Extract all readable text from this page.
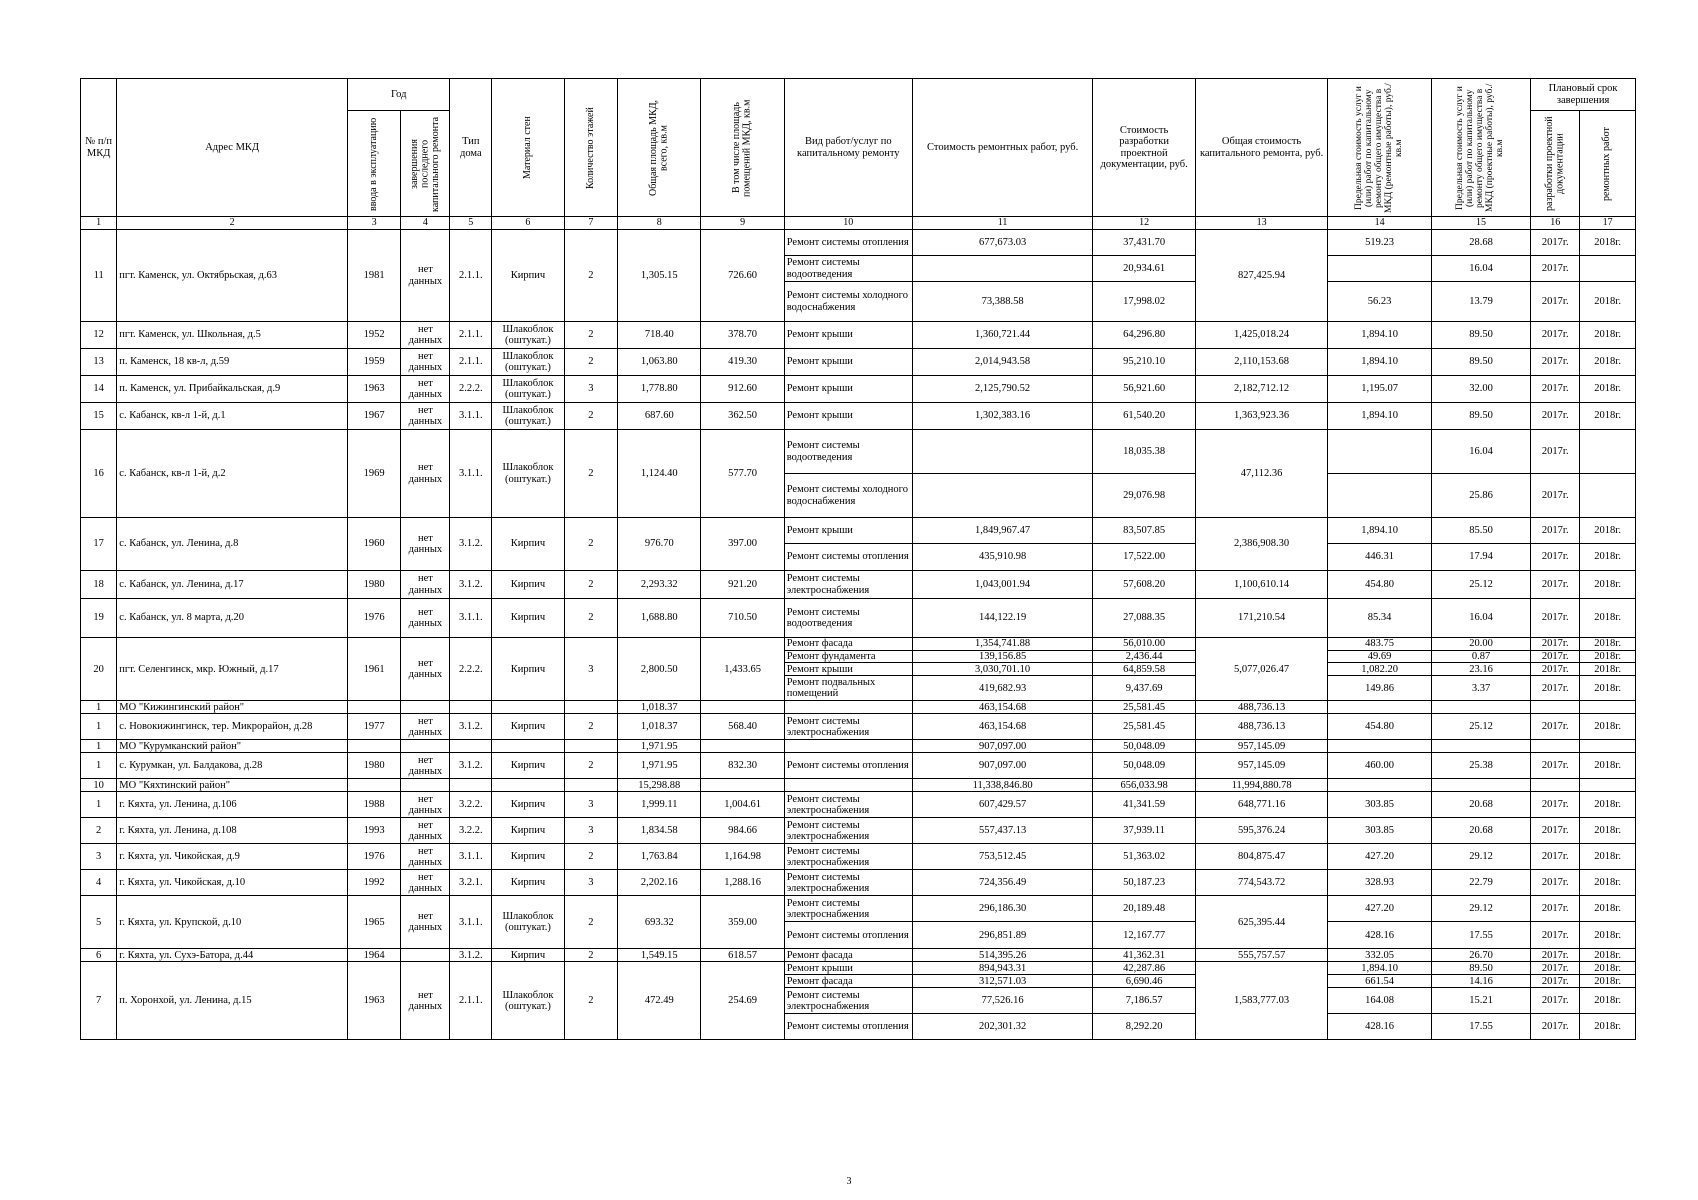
№ п/п МКД	Адрес МКД	Год		Тип дома	Материал стен	Количество этажей	Общая площадь МКД, всего, кв.м	В том числе площадь помещений МКД, кв.м	Вид работ/услуг по капитальному ремонту	Стоимость ремонтных работ, руб.	Стоимость разработки проектной документации, руб.	Общая стоимость капитального ремонта, руб.	Предельная стоимость услуг и (или) работ по капитальному ремонту общего имущества в МКД (ремонтные работы), руб./кв.м	Предельная стоимость услуг и (или) работ по капитальному ремонту общего имущества в МКД (проектные работы), руб./кв.м	Плановый срок завершения	

		ввода в эксплуатацию	завершения последнего капитального ремонта												разработки проектной документации	ремонтных работ

1	2	3	4	5	6	7	8	9	10	11	12	13	14	15	16	17
11	пгт. Каменск, ул. Октябрьская, д.63	1981	нет данных	2.1.1.	Кирпич	2	1,305.15	726.60	Ремонт системы отопления	677,673.03	37,431.70	827,425.94	519.23	28.68	2017г.	2018г.
									Ремонт системы водоотведения		20,934.61			16.04	2017г.	
									Ремонт системы холодного водоснабжения	73,388.58	17,998.02		56.23	13.79	2017г.	2018г.
12	пгт. Каменск, ул. Школьная, д.5	1952	нет данных	2.1.1.	Шлакоблок (оштукат.)	2	718.40	378.70	Ремонт крыши	1,360,721.44	64,296.80	1,425,018.24	1,894.10	89.50	2017г.	2018г.
13	п. Каменск, 18 кв-л, д.59	1959	нет данных	2.1.1.	Шлакоблок (оштукат.)	2	1,063.80	419.30	Ремонт крыши	2,014,943.58	95,210.10	2,110,153.68	1,894.10	89.50	2017г.	2018г.
14	п. Каменск, ул. Прибайкальская, д.9	1963	нет данных	2.2.2.	Шлакоблок (оштукат.)	3	1,778.80	912.60	Ремонт крыши	2,125,790.52	56,921.60	2,182,712.12	1,195.07	32.00	2017г.	2018г.
15	с. Кабанск, кв-л 1-й, д.1	1967	нет данных	3.1.1.	Шлакоблок (оштукат.)	2	687.60	362.50	Ремонт крыши	1,302,383.16	61,540.20	1,363,923.36	1,894.10	89.50	2017г.	2018г.
16	с. Кабанск, кв-л 1-й, д.2	1969	нет данных	3.1.1.	Шлакоблок (оштукат.)	2	1,124.40	577.70	Ремонт системы водоотведения		18,035.38	47,112.36		16.04	2017г.	
									Ремонт системы холодного водоснабжения		29,076.98			25.86	2017г.	
17	с. Кабанск, ул. Ленина, д.8	1960	нет данных	3.1.2.	Кирпич	2	976.70	397.00	Ремонт крыши	1,849,967.47	83,507.85	2,386,908.30	1,894.10	85.50	2017г.	2018г.
									Ремонт системы отопления	435,910.98	17,522.00		446.31	17.94	2017г.	2018г.
18	с. Кабанск, ул. Ленина, д.17	1980	нет данных	3.1.2.	Кирпич	2	2,293.32	921.20	Ремонт системы электроснабжения	1,043,001.94	57,608.20	1,100,610.14	454.80	25.12	2017г.	2018г.
19	с. Кабанск, ул. 8 марта, д.20	1976	нет данных	3.1.1.	Кирпич	2	1,688.80	710.50	Ремонт системы водоотведения	144,122.19	27,088.35	171,210.54	85.34	16.04	2017г.	2018г.
20	пгт. Селенгинск, мкр. Южный, д.17	1961	нет данных	2.2.2.	Кирпич	3	2,800.50	1,433.65	Ремонт фасада	1,354,741.88	56,010.00	5,077,026.47	483.75	20.00	2017г.	2018г.
									Ремонт фундамента	139,156.85	2,436.44		49.69	0.87	2017г.	2018г.
									Ремонт крыши	3,030,701.10	64,859.58		1,082.20	23.16	2017г.	2018г.
									Ремонт подвальных помещений	419,682.93	9,437.69		149.86	3.37	2017г.	2018г.
1	МО "Кижингинский район"						1,018.37			463,154.68	25,581.45	488,736.13				
1	с. Новокижингинск, тер. Микрорайон, д.28	1977	нет данных	3.1.2.	Кирпич	2	1,018.37	568.40	Ремонт системы электроснабжения	463,154.68	25,581.45	488,736.13	454.80	25.12	2017г.	2018г.
1	МО "Курумканский район"						1,971.95			907,097.00	50,048.09	957,145.09				
1	с. Курумкан, ул. Балдакова, д.28	1980	нет данных	3.1.2.	Кирпич	2	1,971.95	832.30	Ремонт системы отопления	907,097.00	50,048.09	957,145.09	460.00	25.38	2017г.	2018г.
10	МО "Кяхтинский район"						15,298.88			11,338,846.80	656,033.98	11,994,880.78				
1	г. Кяхта, ул. Ленина, д.106	1988	нет данных	3.2.2.	Кирпич	3	1,999.11	1,004.61	Ремонт системы электроснабжения	607,429.57	41,341.59	648,771.16	303.85	20.68	2017г.	2018г.
2	г. Кяхта, ул. Ленина, д.108	1993	нет данных	3.2.2.	Кирпич	3	1,834.58	984.66	Ремонт системы электроснабжения	557,437.13	37,939.11	595,376.24	303.85	20.68	2017г.	2018г.
3	г. Кяхта, ул. Чикойская, д.9	1976	нет данных	3.1.1.	Кирпич	2	1,763.84	1,164.98	Ремонт системы электроснабжения	753,512.45	51,363.02	804,875.47	427.20	29.12	2017г.	2018г.
4	г. Кяхта, ул. Чикойская, д.10	1992	нет данных	3.2.1.	Кирпич	3	2,202.16	1,288.16	Ремонт системы электроснабжения	724,356.49	50,187.23	774,543.72	328.93	22.79	2017г.	2018г.
5	г. Кяхта, ул. Крупской, д.10	1965	нет данных	3.1.1.	Шлакоблок (оштукат.)	2	693.32	359.00	Ремонт системы электроснабжения	296,186.30	20,189.48	625,395.44	427.20	29.12	2017г.	2018г.
									Ремонт системы отопления	296,851.89	12,167.77		428.16	17.55	2017г.	2018г.
6	г. Кяхта, ул. Сухэ-Батора, д.44	1964		3.1.2.	Кирпич	2	1,549.15	618.57	Ремонт фасада	514,395.26	41,362.31	555,757.57	332.05	26.70	2017г.	2018г.
7	п. Хоронхой, ул. Ленина, д.15	1963	нет данных	2.1.1.	Шлакоблок (оштукат.)	2	472.49	254.69	Ремонт крыши	894,943.31	42,287.86	1,583,777.03	1,894.10	89.50	2017г.	2018г.
									Ремонт фасада	312,571.03	6,690.46		661.54	14.16	2017г.	2018г.
									Ремонт системы электроснабжения	77,526.16	7,186.57		164.08	15.21	2017г.	2018г.
									Ремонт системы отопления	202,301.32	8,292.20		428.16	17.55	2017г.	2018г.
3
